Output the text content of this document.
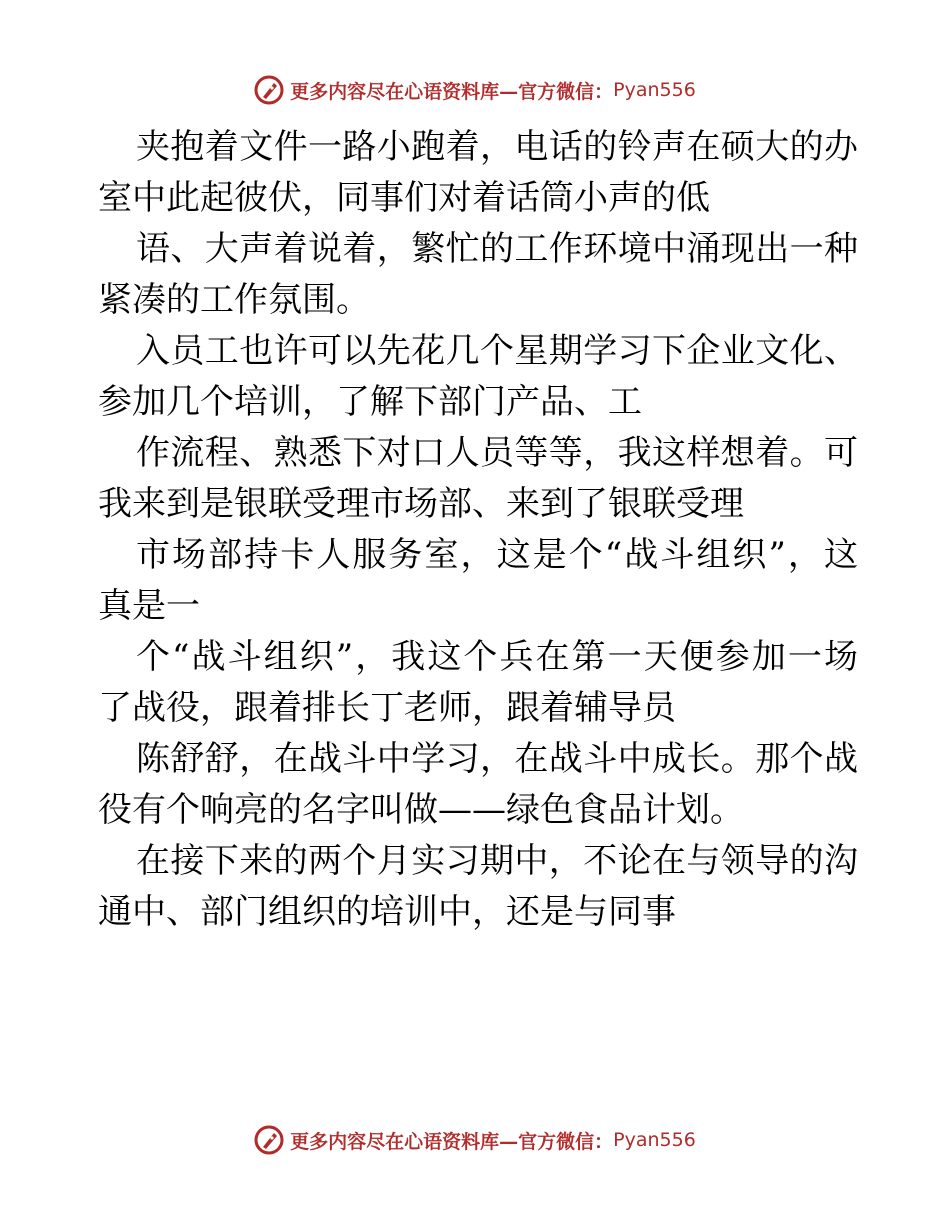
更多内容尽在心语资料库—官方微信： Pyan556
夹抱着文件一路小跑着，电话的铃声在硕大的办
室中此起彼伏，同事们对着话筒小声的低
语、大声着说着，繁忙的工作环境中涌现出一种
紧凑的工作氛围。
入员工也许可以先花几个星期学习下企业文化、
参加几个培训，了解下部门产品、工
作流程、熟悉下对口人员等等，我这样想着。可
我来到是银联受理市场部、来到了银联受理
市场部持卡人服务室，这是个“战斗组织”，这
真是一
个“战斗组织”，我这个兵在第一天便参加一场
了战役，跟着排长丁老师，跟着辅导员
陈舒舒，在战斗中学习，在战斗中成长。那个战
役有个响亮的名字叫做——绿色食品计划。
在接下来的两个月实习期中，不论在与领导的沟
通中、部门组织的培训中，还是与同事
更多内容尽在心语资料库—官方微信： Pyan556
